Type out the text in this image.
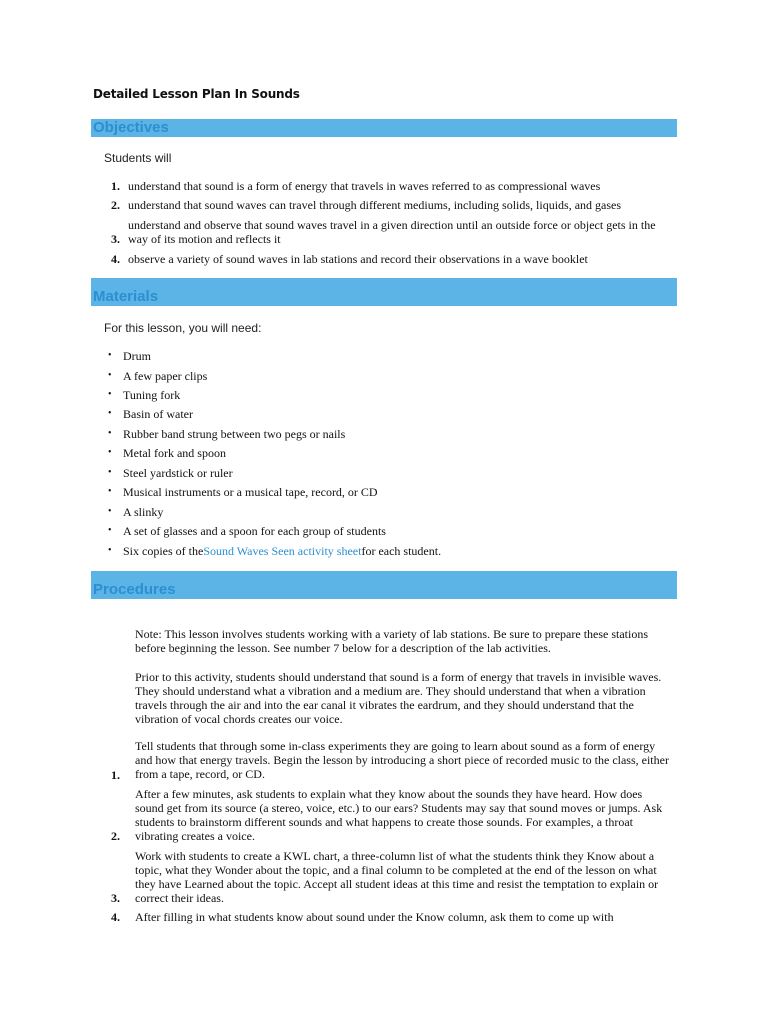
Detailed Lesson Plan In Sounds
Objectives
Students will
1. understand that sound is a form of energy that travels in waves referred to as compressional waves
2. understand that sound waves can travel through different mediums, including solids, liquids, and gases
3.
understand and observe that sound waves travel in a given direction until an outside force or object gets in the way of its motion and reflects it
4. observe a variety of sound waves in lab stations and record their observations in a wave booklet
Materials
For this lesson, you will need:
• Drum
• A few paper clips
• Tuning fork
• Basin of water
• Rubber band strung between two pegs or nails
• Metal fork and spoon
• Steel yardstick or ruler
• Musical instruments or a musical tape, record, or CD
• A slinky
• A set of glasses and a spoon for each group of students
• Six copies of theSound Waves Seen activity sheetfor each student.
Procedures
Note: This lesson involves students working with a variety of lab stations. Be sure to prepare these stations before beginning the lesson. See number 7 below for a description of the lab activities.
Prior to this activity, students should understand that sound is a form of energy that travels in invisible waves. They should understand what a vibration and a medium are. They should understand that when a vibration travels through the air and into the ear canal it vibrates the eardrum, and they should understand that the vibration of vocal chords creates our voice.
Tell students that through some in-class experiments they are going to learn about sound as a form of energy and how that energy travels. Begin the lesson by introducing a short piece of recorded music to the class, either from a tape, record, or CD.
1.
After a few minutes, ask students to explain what they know about the sounds they have heard. How does sound get from its source (a stereo, voice, etc.) to our ears? Students may say that sound moves or jumps. Ask students to brainstorm different sounds and what happens to create those sounds. For examples, a throat vibrating creates a voice.
2.
Work with students to create a KWL chart, a three-column list of what the students think they Know about a topic, what they Wonder about the topic, and a final column to be completed at the end of the lesson on what they have Learned about the topic. Accept all student ideas at this time and resist the temptation to explain or correct their ideas.
3.
After filling in what students know about sound under the Know column, ask them to come up with
4.
